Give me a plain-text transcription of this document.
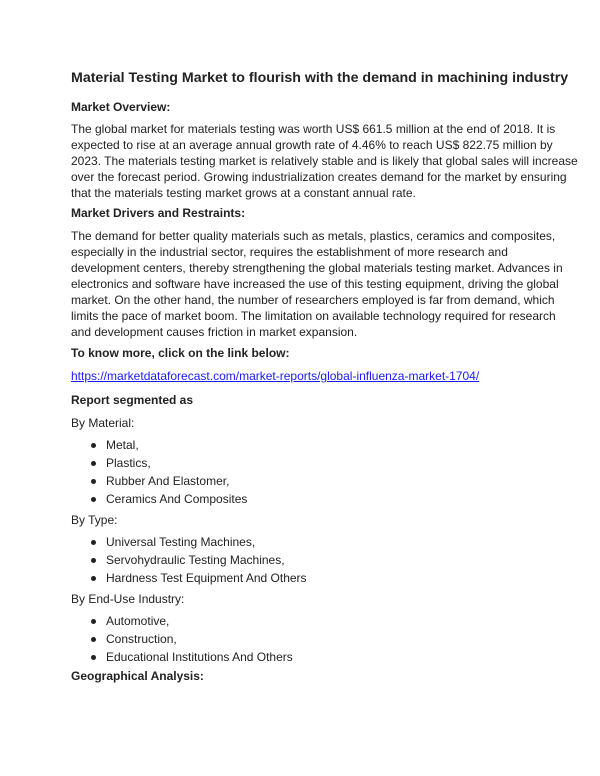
Material Testing Market to flourish with the demand in machining industry
Market Overview:

The global market for materials testing was worth US$ 661.5 million at the end of 2018. It is
expected to rise at an average annual growth rate of 4.46% to reach US$ 822.75 million by
2023. The materials testing market is relatively stable and is likely that global sales will increase
over the forecast period. Growing industrialization creates demand for the market by ensuring
that the materials testing market grows at a constant annual rate.

Market Drivers and Restraints:

The demand for better quality materials such as metals, plastics, ceramics and composites,
especially in the industrial sector, requires the establishment of more research and
development centers, thereby strengthening the global materials testing market. Advances in
electronics and software have increased the use of this testing equipment, driving the global
market. On the other hand, the number of researchers employed is far from demand, which
limits the pace of market boom. The limitation on available technology required for research
and development causes friction in market expansion.

To know more, click on the link below:
https://marketdataforecast.com/market-reports/global-influenza-market-1704/
Report segmented as
By Material:
Metal,
Plastics,
Rubber And Elastomer,
Ceramics And Composites
By Type:
Universal Testing Machines,
Servohydraulic Testing Machines,
Hardness Test Equipment And Others
By End-Use Industry:
Automotive,
Construction,
Educational Institutions And Others
Geographical Analysis:
